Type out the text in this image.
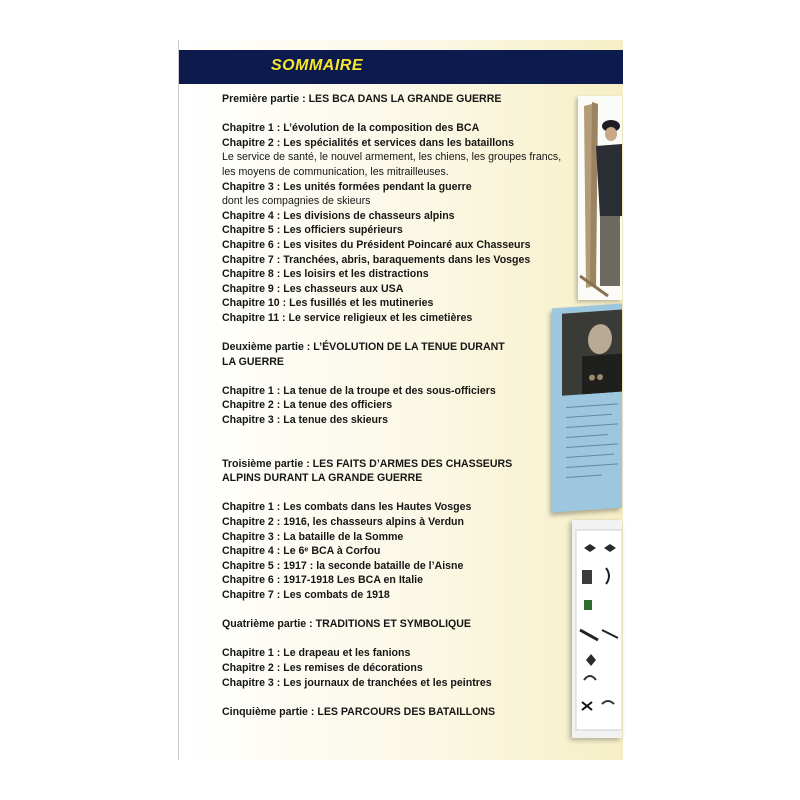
SOMMAIRE
Première partie : LES BCA DANS LA GRANDE GUERRE
Chapitre 1 : L’évolution de la composition des BCA
Chapitre 2 : Les spécialités et services dans les bataillons
Le service de santé, le nouvel armement, les chiens, les groupes francs,
les moyens de communication, les mitrailleuses.
Chapitre 3 : Les unités formées pendant la guerre
dont les compagnies de skieurs
Chapitre 4 : Les divisions de chasseurs alpins
Chapitre 5 : Les officiers supérieurs
Chapitre 6 : Les visites du Président Poincaré aux Chasseurs
Chapitre 7 : Tranchées, abris, baraquements dans les Vosges
Chapitre 8 : Les loisirs et les distractions
Chapitre 9 : Les chasseurs aux USA
Chapitre 10 : Les fusillés et les mutineries
Chapitre 11 : Le service religieux et les cimetières
Deuxième partie : L’ÉVOLUTION DE LA TENUE DURANT
LA GUERRE
Chapitre 1 : La tenue de la troupe et des sous-officiers
Chapitre 2 : La tenue des officiers
Chapitre 3 : La tenue des skieurs
Troisième partie : LES FAITS D’ARMES DES CHASSEURS
ALPINS DURANT LA GRANDE GUERRE
Chapitre 1 : Les combats dans les Hautes Vosges
Chapitre 2 : 1916, les chasseurs alpins à Verdun
Chapitre 3 : La bataille de la Somme
Chapitre 4 : Le 6ᵉ BCA à Corfou
Chapitre 5 : 1917 : la seconde bataille de l’Aisne
Chapitre 6 : 1917-1918 Les BCA en Italie
Chapitre 7 : Les combats de 1918
Quatrième partie : TRADITIONS ET SYMBOLIQUE
Chapitre 1 : Le drapeau et les fanions
Chapitre 2 : Les remises de décorations
Chapitre 3 : Les journaux de tranchées et les peintres
Cinquième partie : LES PARCOURS DES BATAILLONS
